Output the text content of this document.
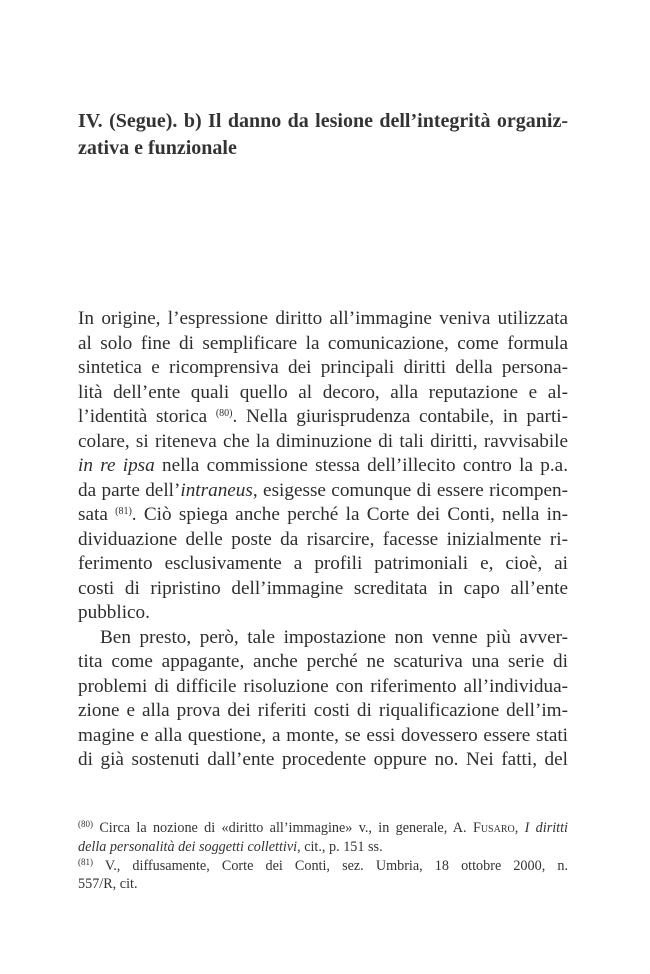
IV. (Segue). b) Il danno da lesione dell’integrità organiz-
zativa e funzionale
In origine, l’espressione diritto all’immagine veniva utilizzata
al solo fine di semplificare la comunicazione, come formula
sintetica e ricomprensiva dei principali diritti della persona-
lità dell’ente quali quello al decoro, alla reputazione e al-
l’identità storica $^{(80)}$. Nella giurisprudenza contabile, in parti-
colare, si riteneva che la diminuzione di tali diritti, ravvisabile
in re ipsa nella commissione stessa dell’illecito contro la p.a.
da parte dell’intraneus, esigesse comunque di essere ricompen-
sata $^{(81)}$. Ciò spiega anche perché la Corte dei Conti, nella in-
dividuazione delle poste da risarcire, facesse inizialmente ri-
ferimento esclusivamente a profili patrimoniali e, cioè, ai
costi di ripristino dell’immagine screditata in capo all’ente
pubblico.
Ben presto, però, tale impostazione non venne più avver-
tita come appagante, anche perché ne scaturiva una serie di
problemi di difficile risoluzione con riferimento all’individua-
zione e alla prova dei riferiti costi di riqualificazione dell’im-
magine e alla questione, a monte, se essi dovessero essere stati
di già sostenuti dall’ente procedente oppure no. Nei fatti, del
$^{(80)}$ Circa la nozione di «diritto all’immagine» v., in generale, A. Fusaro, I diritti
della personalità dei soggetti collettivi, cit., p. 151 ss.
$^{(81)}$ V., diffusamente, Corte dei Conti, sez. Umbria, 18 ottobre 2000, n.
557/R, cit.
